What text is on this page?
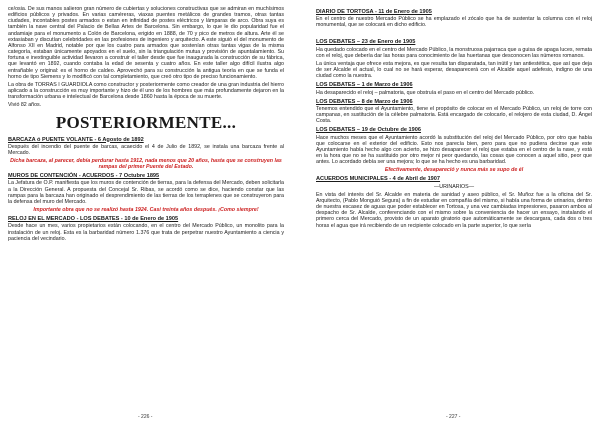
ce/osia. De sus manos salieron gran número de cubiertas y soluciones constructivas que se admiran en muchísimos edificios públicos y privados. En varias caméreras, viaxas puentes metálicos de grandes tramos, otras tantas ciudades, incontables postes armados o estan en infinidad de postes eléctricos y lámparas de arco. Obra suya es también la nave central del Palacio de Bellas Artes de Barcelona. Sin embargo, lo que le dio popularidad fue el andamiaje para el monumento a Colón de Barcelona, erigido en 1888, de 70 y pico de metros de altura. Arte él se extasiaban y discutían celebridades en las profesiones de ingeniero y arquitecto. A este siguió el del monumento de Alfonso XII en Madrid, notable por que los cuatro para armados que sostenían otras tantas vigas de la misma categoría, estaban únicamente apoyados en el suelo, sin la triangulación mutua y provisión de apuntalamiento. Su fortuna e inextinguible actividad llevaron a construir el taller desde que fue inaugurada la construcción de su fábrica, que levantó en 1892, cuando contaba la edad de sesenta y cuatro años. En este taller algo difícil ilustra algo entrañable y original: es el horno de caldeo. Aprovechó para su construcción la antigua teoría en que se funda el horno de tipo Siemens y lo modificó con tal completamiento, que creó otro tipo de preciso funcionamiento.

La obra de TORRAS I GUARDIOLA como constructor y posteriormente como creador de una gran industria del hierro aplicado a la construcción es muy importante y hizo de él uno de los hombres que más profundamente dejaron en la transformación urbana e intelectual de Barcelona desde 1860 hasta la época de su muerte.

Vivió 82 años.

POSTERIORMENTE...
BARCAZA ó PUENTE VOLANTE - 6 Agosto de 1892

Después del incendio del puente de barcas, acaecido el 4 de Julio de 1892, se instala una barcaza frente al Mercado.

Dicha barcaza, al parecer, debía perdurar hasta 1912, nada menos que 20 años, hasta que se construyen las rampas del primer Puente del Estado.

MUROS DE CONTENCIÓN - ACUERDOS - 7 Octubre 1895

La Jefatura de O.P. manifiesta que los muros de contención de tierras, para la defensa del Mercado, deben solicitarla a la Dirección General. A propuesta del Concejal Sr. Ribas, se acordó como se dice, haciendo constar que las rampas para la barcaza han originado el desprendimiento de las tierras de los terraplenes que se construyeron para la defensa del muro del Mercado.

Importante obra que no se realizó hasta 1924. Casi treinta años después. ¡Como siempre!

RELOJ EN EL MERCADO - LOS DEBATES - 10 de Enero de 1905

Desde hace un mes, varios propietarios están colocando, en el centro del Mercado Público, un monolito para la instalación de un reloj. Esta es la barbaridad número 1.376 que trata de perpetrar nuestro Ayuntamiento a ciencia y paciencia del vecindario.

- 226 -
DIARIO DE TORTOSA - 11 de Enero de 1905

En el centro de nuestro Mercado Público se ha emplazado el zócalo que ha de sustentar la columna con el reloj monumental, que se colocará en dicho edificio.

LOS DEBATES – 23 de Enero de 1905

Ha quedado colocado en el centro del Mercado Público, la monstruosa pajarraca que a guisa de apaga luces, remata con el reloj, que debería dar las horas para conocimiento de las huertanas que desconocen las números romanos.

La única ventaja que ofrece esta mejora, es que resulta tan disparatada, tan inútil y tan antiestética, que así que deja de ser Alcalde el actual, lo cual no se hará esperar, desaparecerá con el Alcalde aquel adefesio, indigno de una ciudad como la nuestra.

LOS DEBATES – 1 de Marzo de 1906

Ha desaparecido el reloj – palmatoria, que obstruía el paso en el centro del Mercado público.

LOS DEBATES – 8 de Marzo de 1906

Tenemos entendido que el Ayuntamiento, tiene el propósito de colocar en el Mercado Público, un reloj de torre con campanas, en sustitución de la célebre palmatoria. Está encargado de colocarlo, el relojero de esta ciudad, D. Ángel Costa.

LOS DEBATES – 19 de Octubre de 1906

Hace muchos meses que el Ayuntamiento acordó la substitución del reloj del Mercado Público, por otro que había que colocarse en el exterior del edificio. Esto nos parecía bien, pero para que no pudiera decirse que este Ayuntamiento había hecho algo con acierto, se hizo desaparecer el reloj que estaba en el centro de la nave, y está en la hora que no se ha sustituido por otro mejor ni peor quedando, las cosas que conocen a aquel sitio, peor que antes. Lo acordado debía ser una mejora; lo que se ha hecho es una barbaridad.

Efectivamente, desapareció y nunca más se supo de él

ACUERDOS MUNICIPALES - 4 de Abril de 1907

—URINARIOS—

En vista del interés del Sr. Alcalde en materia de sanidad y aseo público, el Sr. Muñoz fue a la oficina del Sr. Arquitecto, (Pablo Monguió Segura) a fin de estudiar en compañía del mismo, si había una forma de urinarios, dentro de nuestra escasez de aguas que poder establecer en Tortosa, y una vez cambiadas impresiones, pasaron ambos al despacho de Sr. Alcalde, conferenciando con el mismo sobre la conveniencia de hacer un ensayo, instalando el primero cerca del Mercado, provisto de un aparato giratorio que automáticamente se descargara, cada dos o tres horas el agua que irá recibiendo de un recipiente colocado en la parte superior, lo que sería

- 227 -
